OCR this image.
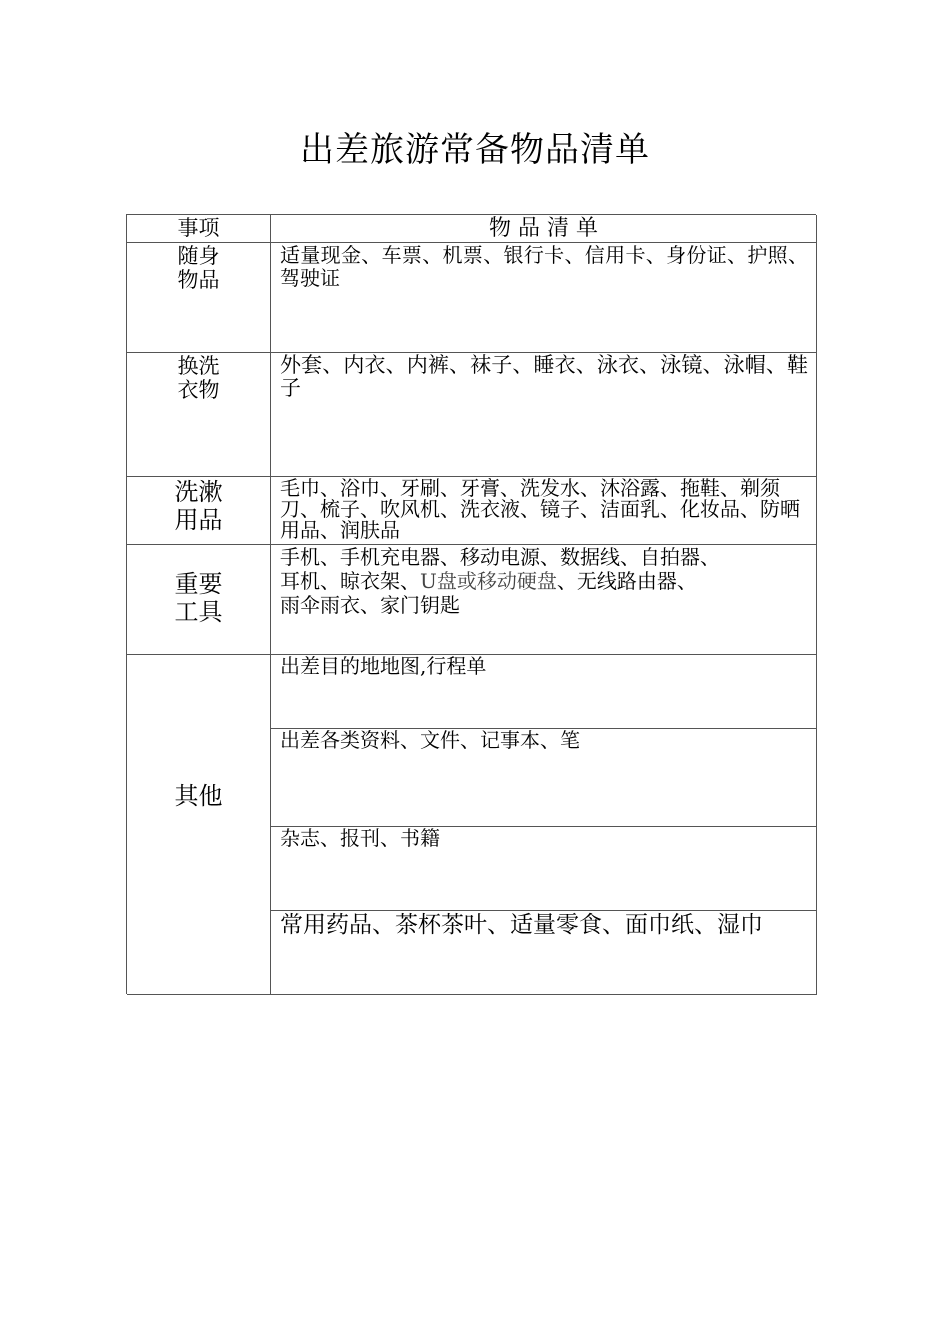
出差旅游常备物品清单
事项	物 品 清 单
随身
物品
适量现金、车票、机票、银行卡、信用卡、身份证、护照、驾驶证
换洗
衣物
外套、内衣、内裤、袜子、睡衣、泳衣、泳镜、泳帽、鞋子
洗漱
用品
毛巾、浴巾、牙刷、牙膏、洗发水、沐浴露、拖鞋、剃须刀、梳子、吹风机、洗衣液、镜子、洁面乳、化妆品、防晒用品、润肤品
重要
工具
手机、手机充电器、移动电源、数据线、自拍器、
耳机、晾衣架、U盘或移动硬盘、无线路由器、
雨伞雨衣、家门钥匙
其他
出差目的地地图,行程单
出差各类资料、文件、记事本、笔
杂志、报刊、书籍
常用药品、茶杯茶叶、适量零食、面巾纸、湿巾
